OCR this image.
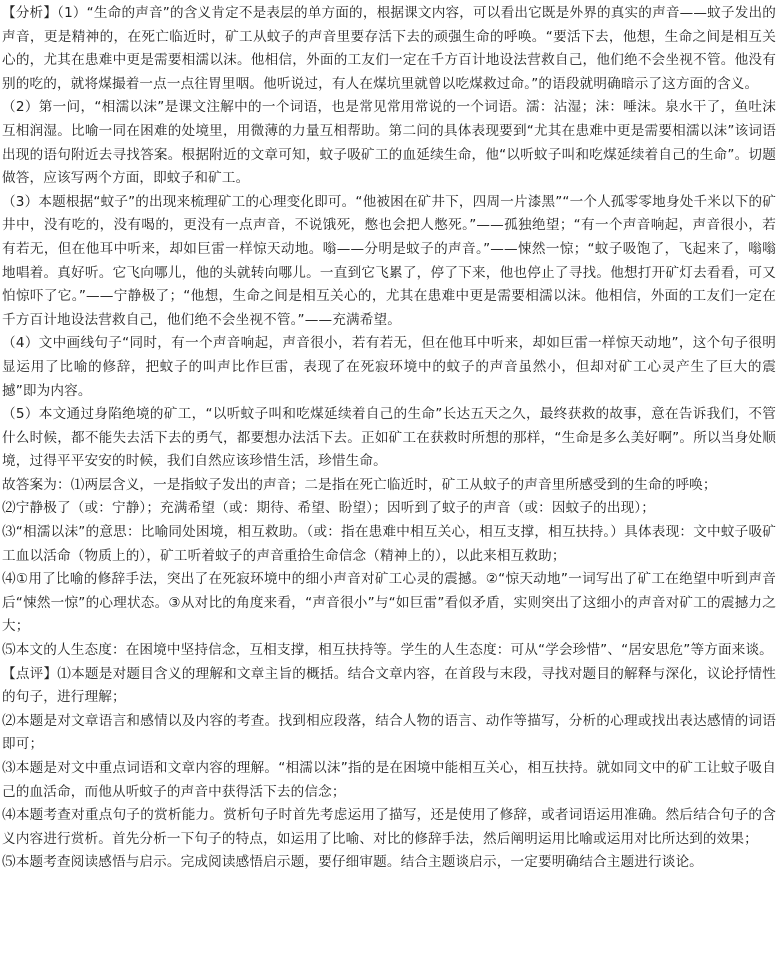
【分析】（1）“生命的声音”的含义肯定不是表层的单方面的，根据课文内容，可以看出它既是外界的真实的声音——蚊子发出的声音，更是精神的，在死亡临近时，矿工从蚊子的声音里要存活下去的顽强生命的呼唤。“要活下去，他想，生命之间是相互关心的，尤其在患难中更是需要相濡以沫。他相信，外面的工友们一定在千方百计地设法营救自己，他们绝不会坐视不管。他没有别的吃的，就将煤撮着一点一点往胃里咽。他听说过，有人在煤坑里就曾以吃煤救过命。”的语段就明确暗示了这方面的含义。

（2）第一问，“相濡以沫”是课文注解中的一个词语，也是常见常用常说的一个词语。濡：沾湿；沫：唾沫。泉水干了，鱼吐沫互相润湿。比喻一同在困难的处境里，用微薄的力量互相帮助。第二问的具体表现要到“尤其在患难中更是需要相濡以沫”该词语出现的语句附近去寻找答案。根据附近的文章可知，蚊子吸矿工的血延续生命，他“以听蚊子叫和吃煤延续着自己的生命”。切题做答，应该写两个方面，即蚊子和矿工。

（3）本题根据“蚊子”的出现来梳理矿工的心理变化即可。“他被困在矿井下，四周一片漆黑”“一个人孤零零地身处千米以下的矿井中，没有吃的，没有喝的，更没有一点声音，不说饿死，憋也会把人憋死。”——孤独绝望；“有一个声音响起，声音很小，若有若无，但在他耳中听来，却如巨雷一样惊天动地。嗡——分明是蚊子的声音。”——悚然一惊；“蚊子吸饱了，飞起来了，嗡嗡地唱着。真好听。它飞向哪儿，他的头就转向哪儿。一直到它飞累了，停了下来，他也停止了寻找。他想打开矿灯去看看，可又怕惊吓了它。”——宁静极了；“他想，生命之间是相互关心的，尤其在患难中更是需要相濡以沫。他相信，外面的工友们一定在千方百计地设法营救自己，他们绝不会坐视不管。”——充满希望。

（4）文中画线句子“同时，有一个声音响起，声音很小，若有若无，但在他耳中听来，却如巨雷一样惊天动地”，这个句子很明显运用了比喻的修辞，把蚊子的叫声比作巨雷，表现了在死寂环境中的蚊子的声音虽然小，但却对矿工心灵产生了巨大的震撼”即为内容。

（5）本文通过身陷绝境的矿工，“以听蚊子叫和吃煤延续着自己的生命”长达五天之久，最终获救的故事，意在告诉我们，不管什么时候，都不能失去活下去的勇气，都要想办法活下去。正如矿工在获救时所想的那样，“生命是多么美好啊”。所以当身处顺境，过得平平安安的时候，我们自然应该珍惜生活，珍惜生命。

故答案为：⑴两层含义，一是指蚊子发出的声音；二是指在死亡临近时，矿工从蚊子的声音里所感受到的生命的呼唤；

⑵宁静极了（或：宁静）；充满希望（或：期待、希望、盼望）；因听到了蚊子的声音（或：因蚊子的出现）；

⑶“相濡以沫”的意思：比喻同处困境，相互救助。（或：指在患难中相互关心，相互支撑，相互扶持。）具体表现：文中蚊子吸矿工血以活命（物质上的），矿工听着蚊子的声音重拾生命信念（精神上的），以此来相互救助；

⑷①用了比喻的修辞手法，突出了在死寂环境中的细小声音对矿工心灵的震撼。②“惊天动地”一词写出了矿工在绝望中听到声音后“悚然一惊”的心理状态。③从对比的角度来看，“声音很小”与“如巨雷”看似矛盾，实则突出了这细小的声音对矿工的震撼力之大；

⑸本文的人生态度：在困境中坚持信念，互相支撑，相互扶持等。学生的人生态度：可从“学会珍惜”、“居安思危”等方面来谈。

【点评】⑴本题是对题目含义的理解和文章主旨的概括。结合文章内容，在首段与末段，寻找对题目的解释与深化，议论抒情性的句子，进行理解；

⑵本题是对文章语言和感情以及内容的考查。找到相应段落，结合人物的语言、动作等描写，分析的心理或找出表达感情的词语即可；

⑶本题是对文中重点词语和文章内容的理解。“相濡以沫”指的是在困境中能相互关心，相互扶持。就如同文中的矿工让蚊子吸自己的血活命，而他从听蚊子的声音中获得活下去的信念；

⑷本题考查对重点句子的赏析能力。赏析句子时首先考虑运用了描写，还是使用了修辞，或者词语运用准确。然后结合句子的含义内容进行赏析。首先分析一下句子的特点，如运用了比喻、对比的修辞手法，然后阐明运用比喻或运用对比所达到的效果；

⑸本题考查阅读感悟与启示。完成阅读感悟启示题，要仔细审题。结合主题谈启示，一定要明确结合主题进行谈论。
